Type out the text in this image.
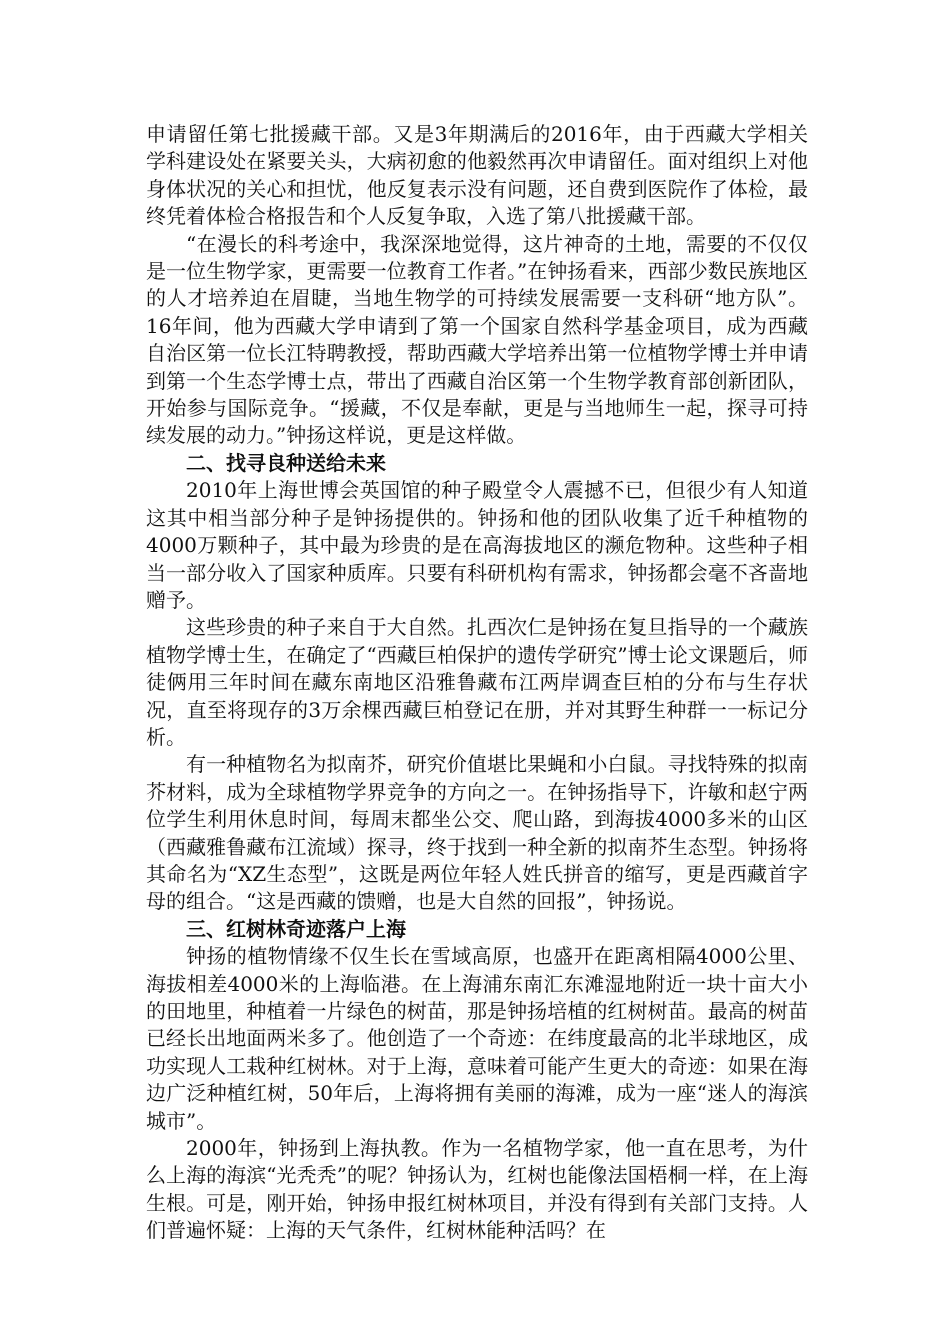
申请留任第七批援藏干部。又是3年期满后的2016年，由于西藏大学相关学科建设处在紧要关头，大病初愈的他毅然再次申请留任。面对组织上对他身体状况的关心和担忧，他反复表示没有问题，还自费到医院作了体检，最终凭着体检合格报告和个人反复争取，入选了第八批援藏干部。

“在漫长的科考途中，我深深地觉得，这片神奇的土地，需要的不仅仅是一位生物学家，更需要一位教育工作者。”在钟扬看来，西部少数民族地区的人才培养迫在眉睫，当地生物学的可持续发展需要一支科研“地方队”。16年间，他为西藏大学申请到了第一个国家自然科学基金项目，成为西藏自治区第一位长江特聘教授，帮助西藏大学培养出第一位植物学博士并申请到第一个生态学博士点，带出了西藏自治区第一个生物学教育部创新团队，开始参与国际竞争。“援藏，不仅是奉献，更是与当地师生一起，探寻可持续发展的动力。”钟扬这样说，更是这样做。

二、找寻良种送给未来

2010年上海世博会英国馆的种子殿堂令人震撼不已，但很少有人知道这其中相当部分种子是钟扬提供的。钟扬和他的团队收集了近千种植物的4000万颗种子，其中最为珍贵的是在高海拔地区的濒危物种。这些种子相当一部分收入了国家种质库。只要有科研机构有需求，钟扬都会毫不吝啬地赠予。

这些珍贵的种子来自于大自然。扎西次仁是钟扬在复旦指导的一个藏族植物学博士生，在确定了“西藏巨柏保护的遗传学研究”博士论文课题后，师徒俩用三年时间在藏东南地区沿雅鲁藏布江两岸调查巨柏的分布与生存状况，直至将现存的3万余棵西藏巨柏登记在册，并对其野生种群一一标记分析。

有一种植物名为拟南芥，研究价值堪比果蝇和小白鼠。寻找特殊的拟南芥材料，成为全球植物学界竞争的方向之一。在钟扬指导下，许敏和赵宁两位学生利用休息时间，每周末都坐公交、爬山路，到海拔4000多米的山区（西藏雅鲁藏布江流域）探寻，终于找到一种全新的拟南芥生态型。钟扬将其命名为“XZ生态型”，这既是两位年轻人姓氏拼音的缩写，更是西藏首字母的组合。“这是西藏的馈赠，也是大自然的回报”，钟扬说。

三、红树林奇迹落户上海

钟扬的植物情缘不仅生长在雪域高原，也盛开在距离相隔4000公里、海拔相差4000米的上海临港。在上海浦东南汇东滩湿地附近一块十亩大小的田地里，种植着一片绿色的树苗，那是钟扬培植的红树树苗。最高的树苗已经长出地面两米多了。他创造了一个奇迹：在纬度最高的北半球地区，成功实现人工栽种红树林。对于上海，意味着可能产生更大的奇迹：如果在海边广泛种植红树，50年后，上海将拥有美丽的海滩，成为一座“迷人的海滨城市”。

2000年，钟扬到上海执教。作为一名植物学家，他一直在思考，为什么上海的海滨“光秃秃”的呢？钟扬认为，红树也能像法国梧桐一样，在上海生根。可是，刚开始，钟扬申报红树林项目，并没有得到有关部门支持。人们普遍怀疑：上海的天气条件，红树林能种活吗？在
